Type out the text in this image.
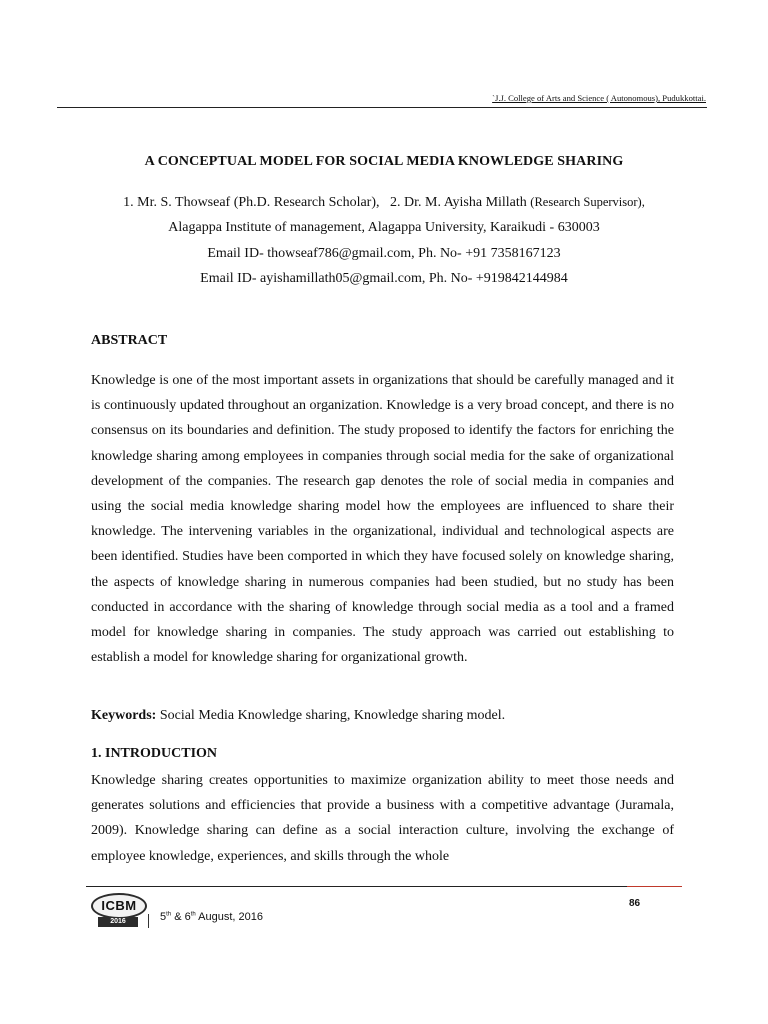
`J.J. College of Arts and Science ( Autonomous), Pudukkottai.
A CONCEPTUAL MODEL FOR SOCIAL MEDIA KNOWLEDGE SHARING
1. Mr. S. Thowseaf (Ph.D. Research Scholar), 2. Dr. M. Ayisha Millath (Research Supervisor),
Alagappa Institute of management, Alagappa University, Karaikudi - 630003
Email ID- thowseaf786@gmail.com, Ph. No- +91 7358167123
Email ID- ayishamillath05@gmail.com, Ph. No- +919842144984
ABSTRACT

Knowledge is one of the most important assets in organizations that should be carefully managed and it is continuously updated throughout an organization. Knowledge is a very broad concept, and there is no consensus on its boundaries and definition. The study proposed to identify the factors for enriching the knowledge sharing among employees in companies through social media for the sake of organizational development of the companies. The research gap denotes the role of social media in companies and using the social media knowledge sharing model how the employees are influenced to share their knowledge. The intervening variables in the organizational, individual and technological aspects are been identified. Studies have been comported in which they have focused solely on knowledge sharing, the aspects of knowledge sharing in numerous companies had been studied, but no study has been conducted in accordance with the sharing of knowledge through social media as a tool and a framed model for knowledge sharing in companies. The study approach was carried out establishing to establish a model for knowledge sharing for organizational growth.

Keywords: Social Media Knowledge sharing, Knowledge sharing model.
1. INTRODUCTION

Knowledge sharing creates opportunities to maximize organization ability to meet those needs and generates solutions and efficiencies that provide a business with a competitive advantage (Juramala, 2009). Knowledge sharing can define as a social interaction culture, involving the exchange of employee knowledge, experiences, and skills through the whole

86
ICBM
2016	5th & 6th August, 2016
